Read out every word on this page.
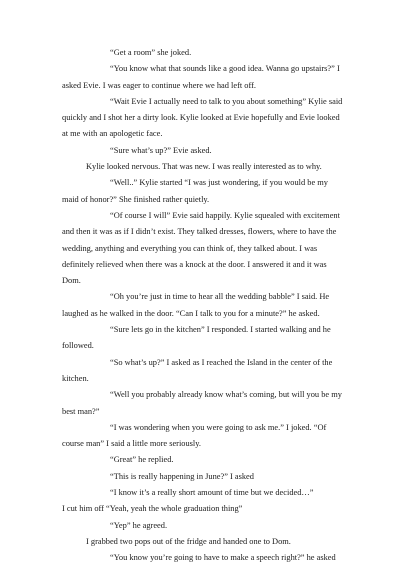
“Get a room” she joked.

“You know what that sounds like a good idea. Wanna go upstairs?” I asked Evie. I was eager to continue where we had left off.

“Wait Evie I actually need to talk to you about something” Kylie said quickly and I shot her a dirty look. Kylie looked at Evie hopefully and Evie looked at me with an apologetic face.

“Sure what’s up?” Evie asked.

Kylie looked nervous. That was new. I was really interested as to why.

“Well..” Kylie started “I was just wondering, if you would be my maid of honor?” She finished rather quietly.

“Of course I will” Evie said happily. Kylie squealed with excitement and then it was as if I didn’t exist. They talked dresses, flowers, where to have the wedding, anything and everything you can think of, they talked about. I was definitely relieved when there was a knock at the door. I answered it and it was Dom.

“Oh you’re just in time to hear all the wedding babble” I said. He laughed as he walked in the door. “Can I talk to you for a minute?” he asked.

“Sure lets go in the kitchen” I responded. I started walking and he followed.

“So what’s up?” I asked as I reached the Island in the center of the kitchen.

“Well you probably already know what’s coming, but will you be my best man?”

“I was wondering when you were going to ask me.” I joked. “Of course man” I said a little more seriously.

“Great” he replied.

“This is really happening in June?” I asked

“I know it’s a really short amount of time but we decided…”

I cut him off “Yeah, yeah the whole graduation thing”

“Yep” he agreed.

I grabbed two pops out of the fridge and handed one to Dom.

“You know you’re going to have to make a speech right?” he asked
